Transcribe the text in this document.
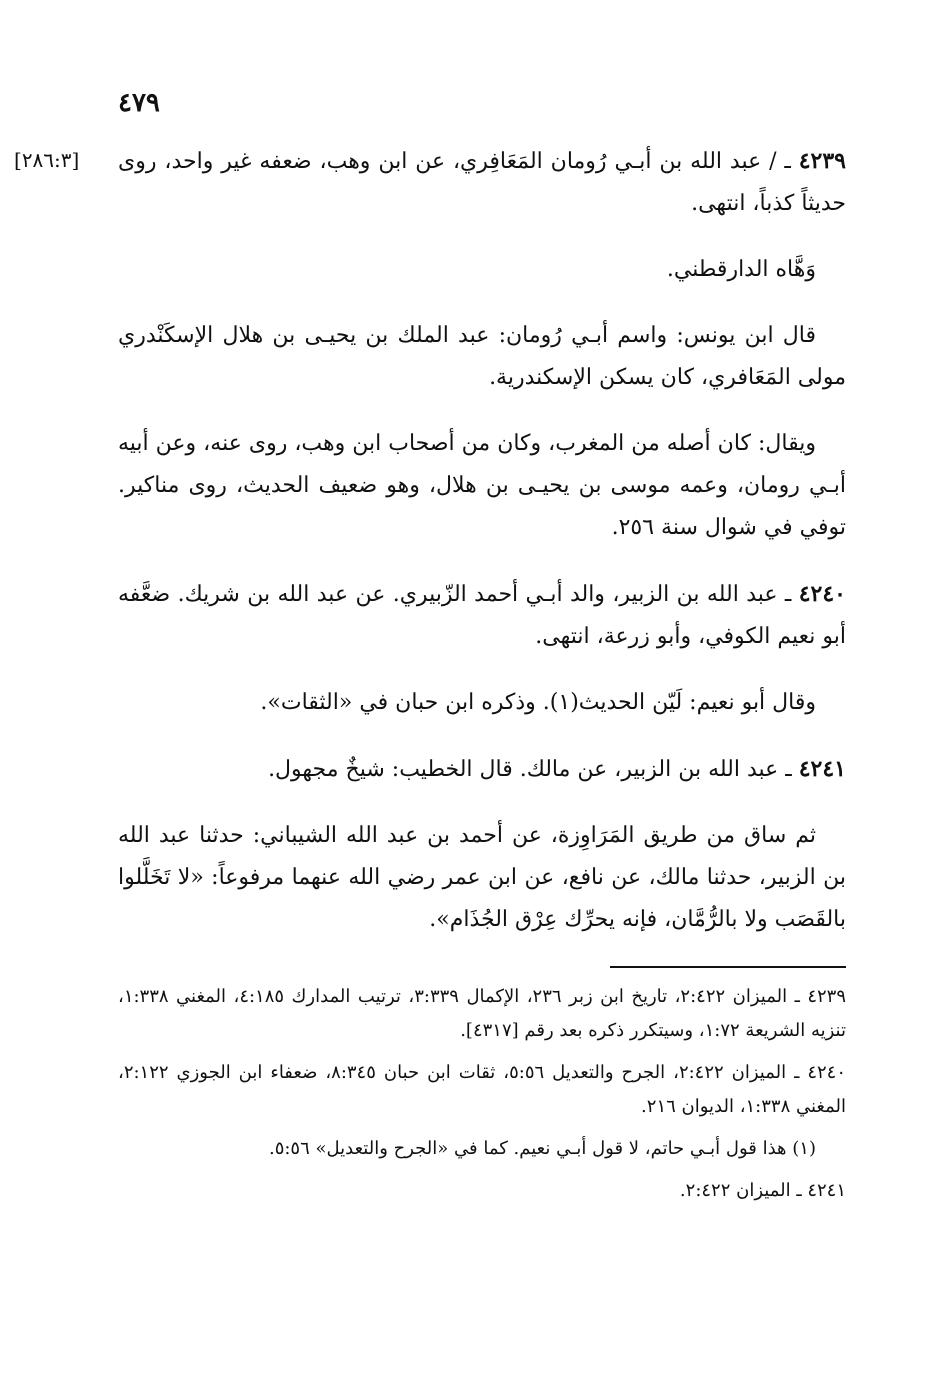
٤٧٩
[٢٨٦:٣]	٤٢٣٩ ـ / عبد الله بن أبـي رُومان المَعَافِري، عن ابن وهب، ضعفه غير واحد، روى حديثاً كذباً، انتهى.

وَهَّاه الدارقطني.

قال ابن يونس: واسم أبـي رُومان: عبد الملك بن يحيـى بن هلال الإسكَنْدري مولى المَعَافري، كان يسكن الإسكندرية.

ويقال: كان أصله من المغرب، وكان من أصحاب ابن وهب، روى عنه، وعن أبيه أبـي رومان، وعمه موسى بن يحيـى بن هلال، وهو ضعيف الحديث، روى مناكير. توفي في شوال سنة ٢٥٦.

٤٢٤٠ ـ عبد الله بن الزبير، والد أبـي أحمد الزّبيري. عن عبد الله بن شريك. ضعَّفه أبو نعيم الكوفي، وأبو زرعة، انتهى.

وقال أبو نعيم: لَيّن الحديث(١). وذكره ابن حبان في «الثقات».

٤٢٤١ ـ عبد الله بن الزبير، عن مالك. قال الخطيب: شيخٌ مجهول.

ثم ساق من طريق المَرَاوِزة، عن أحمد بن عبد الله الشيباني: حدثنا عبد الله بن الزبير، حدثنا مالك، عن نافع، عن ابن عمر رضي الله عنهما مرفوعاً: «لا تَخَلَّلوا بالقَصَب ولا بالرُّمَّان، فإنه يحرِّك عِرْق الجُذَام».

٤٢٣٩ ـ الميزان ٢:٤٢٢، تاريخ ابن زبر ٢٣٦، الإكمال ٣:٣٣٩، ترتيب المدارك ٤:١٨٥، المغني ١:٣٣٨، تنزيه الشريعة ١:٧٢، وسيتكرر ذكره بعد رقم [٤٣١٧].

٤٢٤٠ ـ الميزان ٢:٤٢٢، الجرح والتعديل ٥:٥٦، ثقات ابن حبان ٨:٣٤٥، ضعفاء ابن الجوزي ٢:١٢٢، المغني ١:٣٣٨، الديوان ٢١٦.

(١) هذا قول أبـي حاتم، لا قول أبـي نعيم. كما في «الجرح والتعديل» ٥:٥٦.

٤٢٤١ ـ الميزان ٢:٤٢٢.
